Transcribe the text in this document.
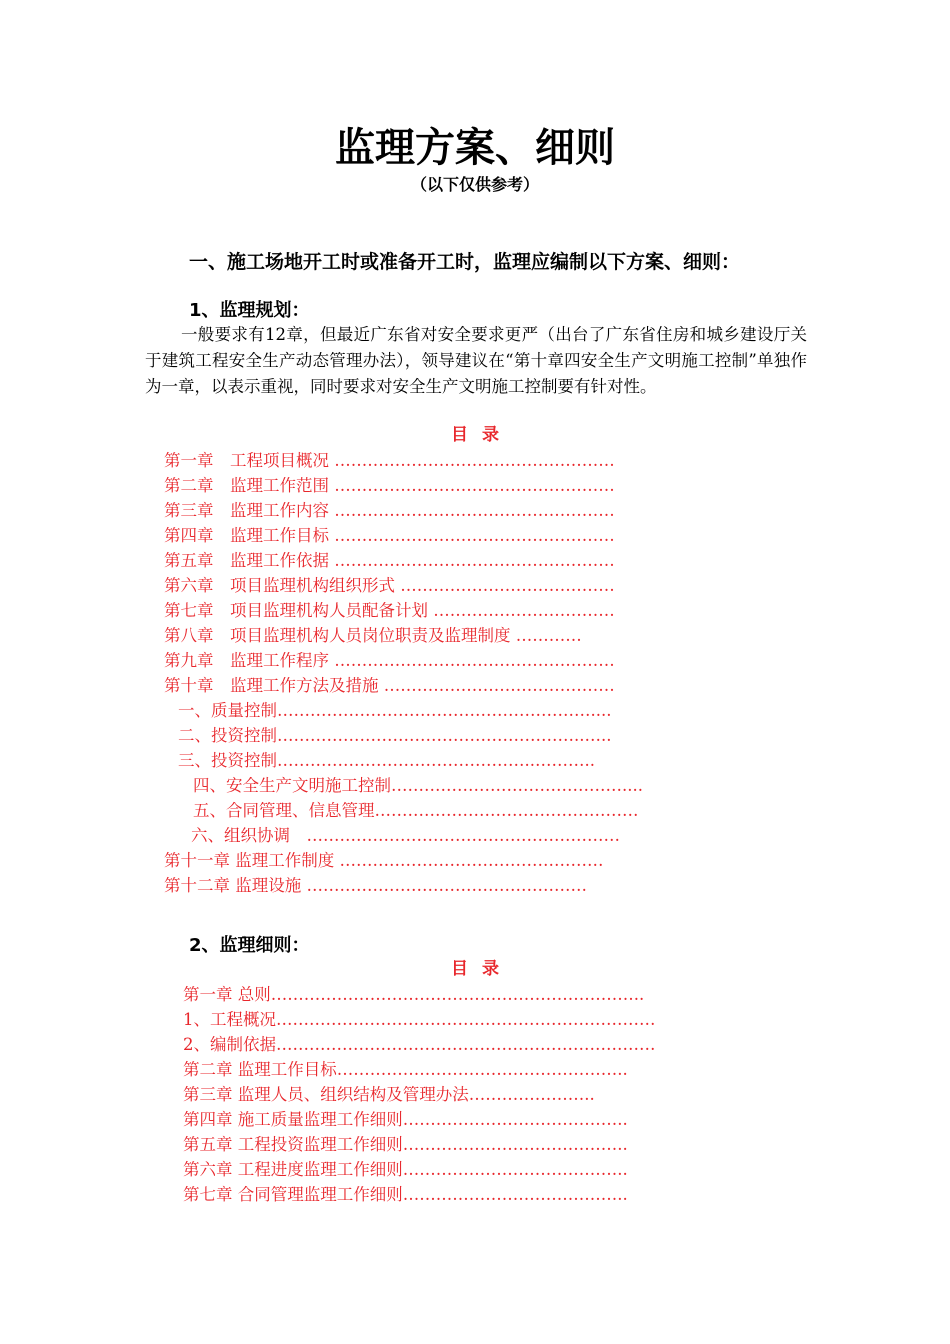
监理方案、细则
（以下仅供参考）
一、施工场地开工时或准备开工时，监理应编制以下方案、细则：
1、监理规划：
一般要求有12章，但最近广东省对安全要求更严（出台了广东省住房和城乡建设厅关于建筑工程安全生产动态管理办法），领导建议在“第十章四安全生产文明施工控制”单独作为一章，以表示重视，同时要求对安全生产文明施工控制要有针对性。
目录
第一章　工程项目概况 ……………………………………………
第二章　监理工作范围 ……………………………………………
第三章　监理工作内容 ……………………………………………
第四章　监理工作目标 ……………………………………………
第五章　监理工作依据 ……………………………………………
第六章　项目监理机构组织形式 …………………………………
第七章　项目监理机构人员配备计划 ……………………………
第八章　项目监理机构人员岗位职责及监理制度 …………
第九章　监理工作程序 ……………………………………………
第十章　监理工作方法及措施 ……………………………………
一、质量控制…………………………………………………....
二、投资控制………………………………………………..…..
三、投资控制………………………………………..………..
四、安全生产文明施工控制……………………………………....
五、合同管理、信息管理…………………………………………
六、组织协调　…………………………………………………
第十一章 监理工作制度 …………………………………………
第十二章 监理设施 ……………………………………………
2、监理细则：
目录
第一章 总则…………………………………………………………..
1、工程概况……………………………………………………………
2、编制依据……………………………………………………………
第二章 监理工作目标……………………………………………..
第三章 监理人员、组织结构及管理办法…………………..
第四章 施工质量监理工作细则…………………………………..
第五章 工程投资监理工作细则…………………………………..
第六章 工程进度监理工作细则…………………………………..
第七章 合同管理监理工作细则…………………………………..
